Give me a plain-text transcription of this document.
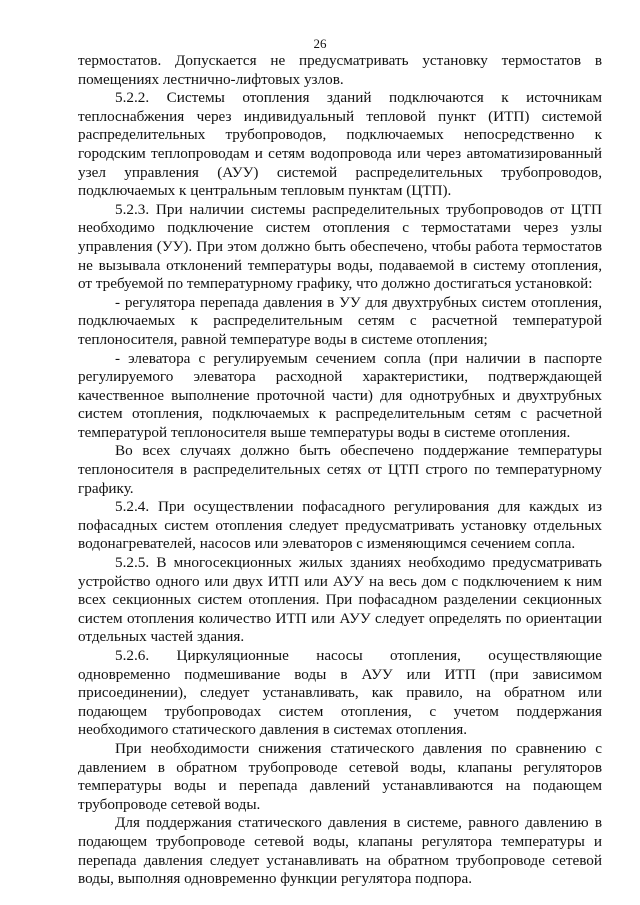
26

термостатов. Допускается не предусматривать установку термостатов в помещениях лестнично-лифтовых узлов.

5.2.2. Системы отопления зданий подключаются к источникам теплоснабжения через индивидуальный тепловой пункт (ИТП) системой распределительных трубопроводов, подключаемых непосредственно к городским теплопроводам и сетям водопровода или через автоматизированный узел управления (АУУ) системой распределительных трубопроводов, подключаемых к центральным тепловым пунктам (ЦТП).

5.2.3. При наличии системы распределительных трубопроводов от ЦТП необходимо подключение систем отопления с термостатами через узлы управления (УУ). При этом должно быть обеспечено, чтобы работа термостатов не вызывала отклонений температуры воды, подаваемой в систему отопления, от требуемой по температурному графику, что должно достигаться установкой:

- регулятора перепада давления в УУ для двухтрубных систем отопления, подключаемых к распределительным сетям с расчетной температурой теплоносителя, равной температуре воды в системе отопления;

- элеватора с регулируемым сечением сопла (при наличии в паспорте регулируемого элеватора расходной характеристики, подтверждающей качественное выполнение проточной части) для однотрубных и двухтрубных систем отопления, подключаемых к распределительным сетям с расчетной температурой теплоносителя выше температуры воды в системе отопления.

Во всех случаях должно быть обеспечено поддержание температуры теплоносителя в распределительных сетях от ЦТП строго по температурному графику.

5.2.4. При осуществлении пофасадного регулирования для каждых из пофасадных систем отопления следует предусматривать установку отдельных водонагревателей, насосов или элеваторов с изменяющимся сечением сопла.

5.2.5. В многосекционных жилых зданиях необходимо предусматривать устройство одного или двух ИТП или АУУ на весь дом с подключением к ним всех секционных систем отопления. При пофасадном разделении секционных систем отопления количество ИТП или АУУ следует определять по ориентации отдельных частей здания.

5.2.6. Циркуляционные насосы отопления, осуществляющие одновременно подмешивание воды в АУУ или ИТП (при зависимом присоединении), следует устанавливать, как правило, на обратном или подающем трубопроводах систем отопления, с учетом поддержания необходимого статического давления в системах отопления.

При необходимости снижения статического давления по сравнению с давлением в обратном трубопроводе сетевой воды, клапаны регуляторов температуры воды и перепада давлений устанавливаются на подающем трубопроводе сетевой воды.

Для поддержания статического давления в системе, равного давлению в подающем трубопроводе сетевой воды, клапаны регулятора температуры и перепада давления следует устанавливать на обратном трубопроводе сетевой воды, выполняя одновременно функции регулятора подпора.
